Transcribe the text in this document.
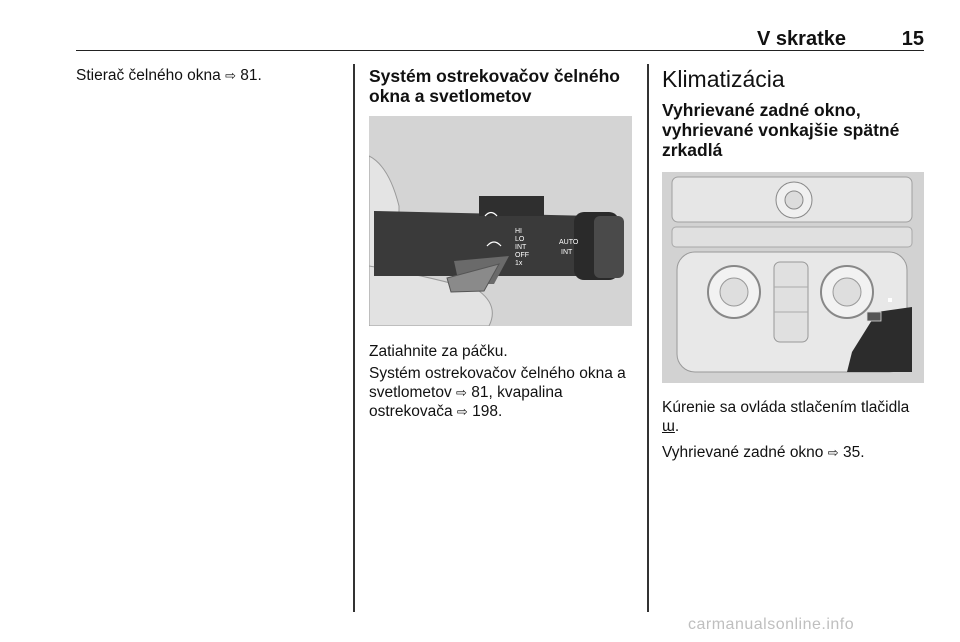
V skratke	15

Stierač čelného okna ⇨ 81.	Systém ostrekovačov čelného
okna a svetlometov
HI
LO
INT
OFF
1x
AUTO
INT

Zatiahnite za páčku.

Systém ostrekovačov čelného okna a
svetlometov ⇨ 81, kvapalina
ostrekovača ⇨ 198.

Klimatizácia
Vyhrievané zadné okno,
vyhrievané vonkajšie spätné
zrkadlá

Kúrenie sa ovláda stlačením tlačidla
ɯ.

Vyhrievané zadné okno ⇨ 35.

carmanualsonline.info
